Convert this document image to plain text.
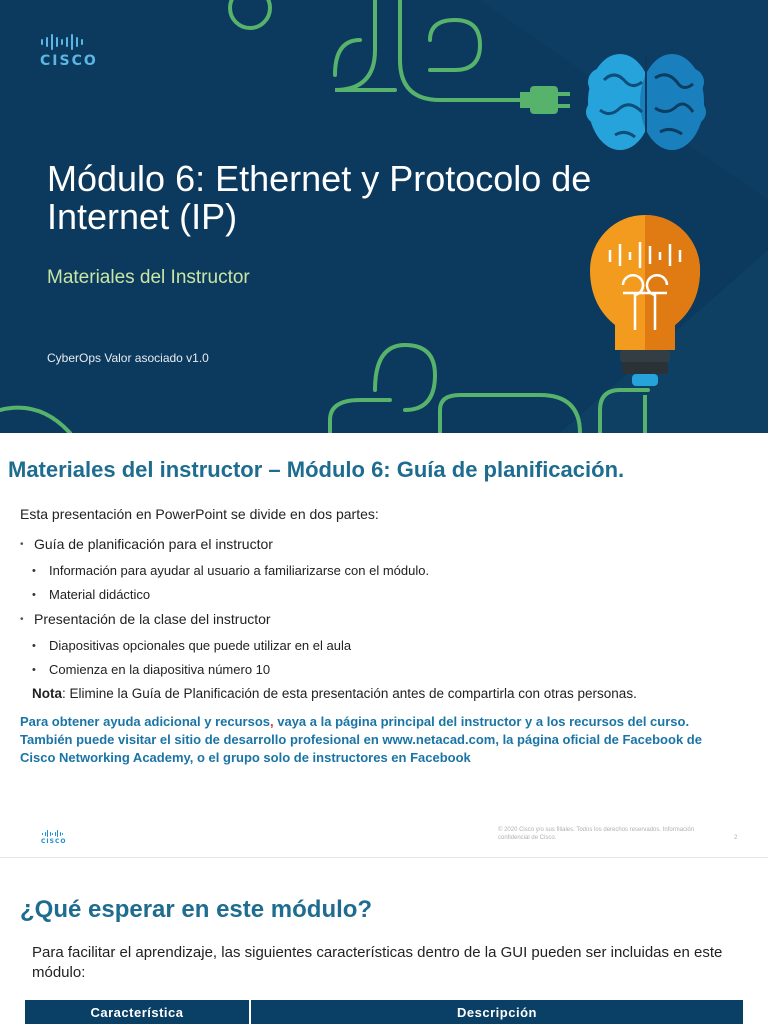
CISCO
Módulo 6: Ethernet y Protocolo de Internet (IP)
Materiales del Instructor
CyberOps Valor asociado v1.0
Materiales del instructor – Módulo 6: Guía de planificación.
Esta presentación en PowerPoint se divide en dos partes:
• Guía de planificación para el instructor
• Información para ayudar al usuario a familiarizarse con el módulo.
• Material didáctico
• Presentación de la clase del instructor
• Diapositivas opcionales que puede utilizar en el aula
• Comienza en la diapositiva número 10
Nota: Elimine la Guía de Planificación de esta presentación antes de compartirla con otras personas.
Para obtener ayuda adicional y recursos, vaya a la página principal del instructor y a los recursos del curso. También puede visitar el sitio de desarrollo profesional en www.netacad.com, la página oficial de Facebook de Cisco Networking Academy, o el grupo solo de instructores en Facebook
CISCO
© 2020 Cisco y/o sus filiales. Todos los derechos reservados. Información confidencial de Cisco.	2
¿Qué esperar en este módulo?
Para facilitar el aprendizaje, las siguientes características dentro de la GUI pueden ser incluidas en este módulo:
Característica	Descripción
